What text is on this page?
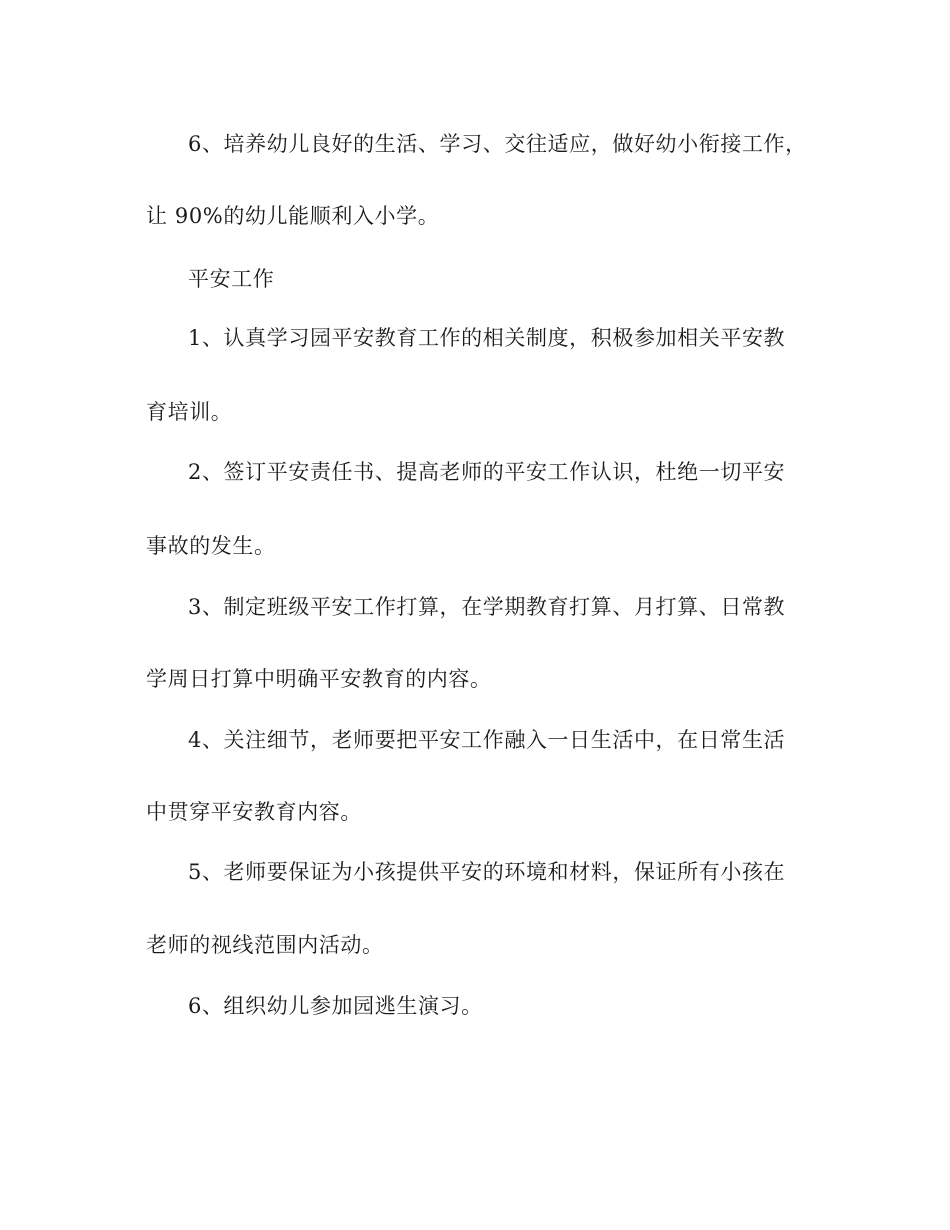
6、培养幼儿良好的生活、学习、交往适应，做好幼小衔接工作，
让 90%的幼儿能顺利入小学。
平安工作
1、认真学习园平安教育工作的相关制度，积极参加相关平安教
育培训。
2、签订平安责任书、提高老师的平安工作认识，杜绝一切平安
事故的发生。
3、制定班级平安工作打算，在学期教育打算、月打算、日常教
学周日打算中明确平安教育的内容。
4、关注细节，老师要把平安工作融入一日生活中，在日常生活
中贯穿平安教育内容。
5、老师要保证为小孩提供平安的环境和材料，保证所有小孩在
老师的视线范围内活动。
6、组织幼儿参加园逃生演习。
